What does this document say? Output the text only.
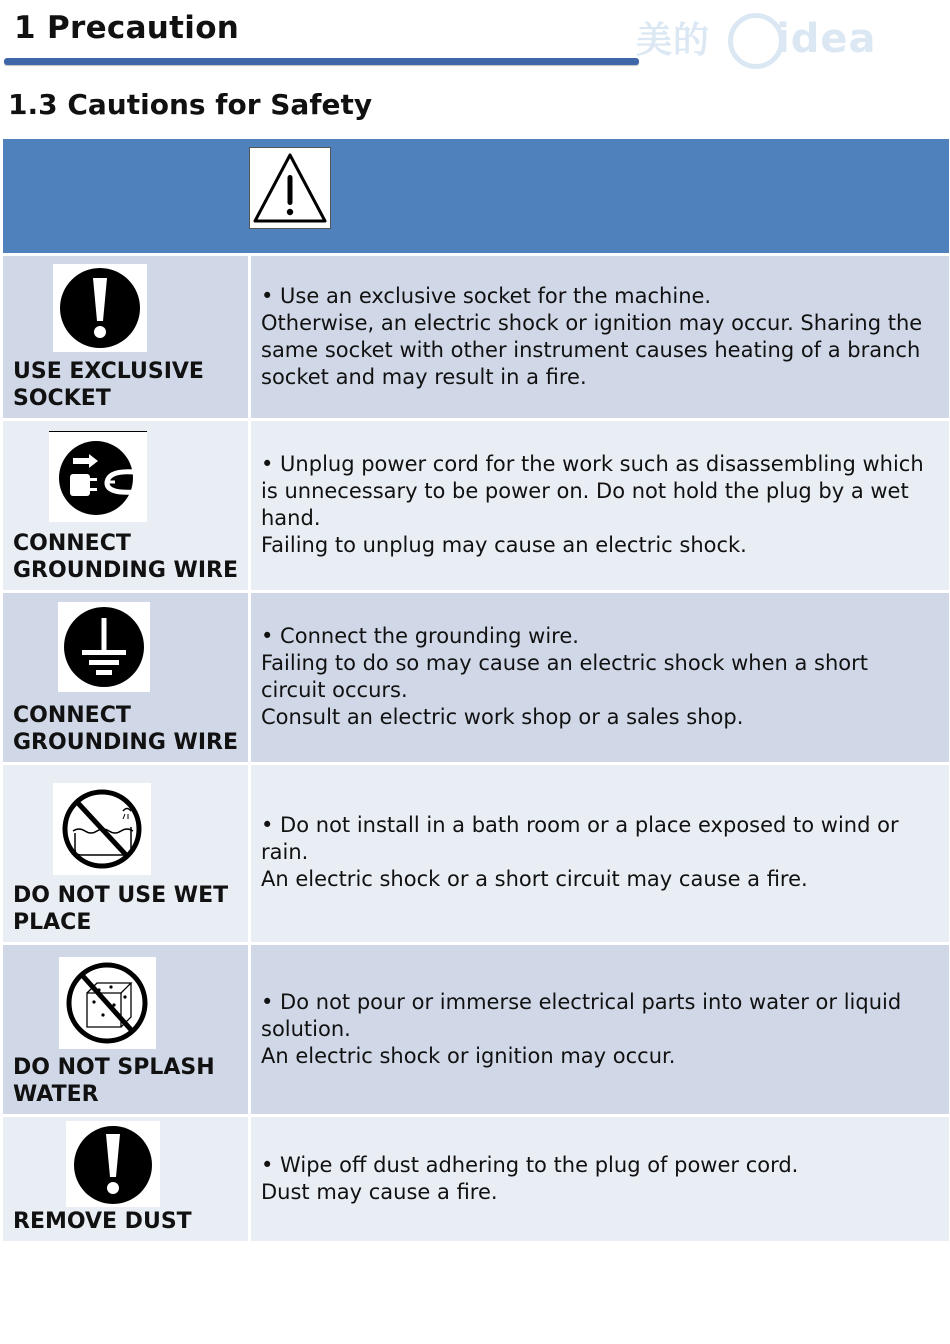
1 Precaution	美的 idea
1.3 Cautions for Safety
USE EXCLUSIVE SOCKET

• Use an exclusive socket for the machine.

Otherwise, an electric shock or ignition may occur. Sharing the same socket with other instrument causes heating of a branch socket and may result in a fire.

CONNECT GROUNDING WIRE

• Unplug power cord for the work such as disassembling which is unnecessary to be power on. Do not hold the plug by a wet hand.

Failing to unplug may cause an electric shock.

CONNECT GROUNDING WIRE

• Connect the grounding wire.

Failing to do so may cause an electric shock when a short circuit occurs.

Consult an electric work shop or a sales shop.

DO NOT USE WET PLACE

• Do not install in a bath room or a place exposed to wind or rain.

An electric shock or a short circuit may cause a fire.

DO NOT SPLASH WATER

• Do not pour or immerse electrical parts into water or liquid solution.

An electric shock or ignition may occur.

REMOVE DUST

• Wipe off dust adhering to the plug of power cord.

Dust may cause a fire.
